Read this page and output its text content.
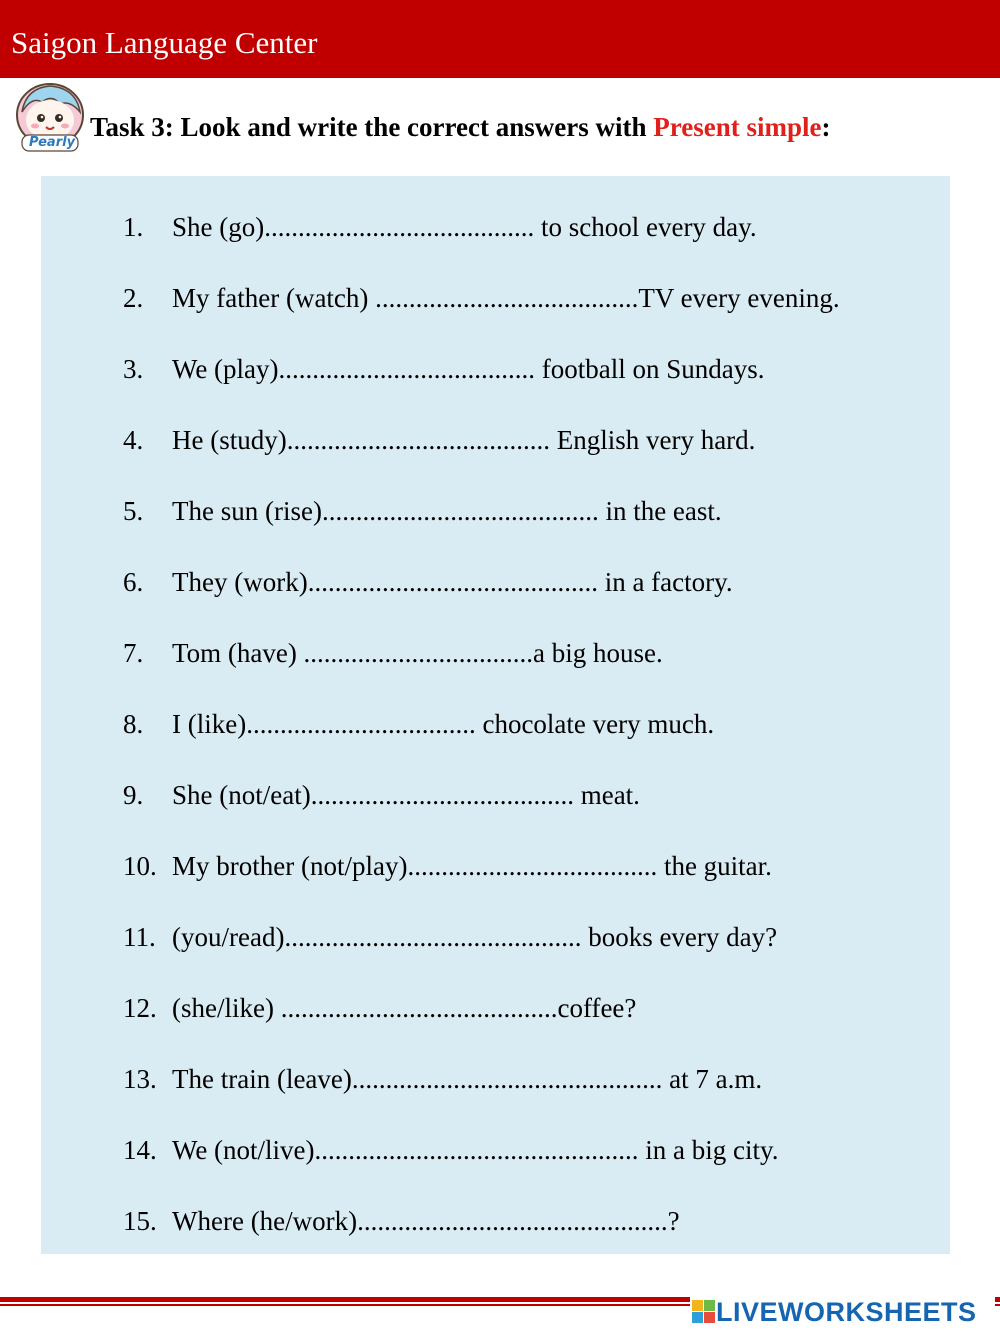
Saigon Language Center
Pearly
Task 3: Look and write the correct answers with Present simple:
1. She (go)........................................ to school every day.
2. My father (watch) .......................................TV every evening.
3. We (play)...................................... football on Sundays.
4. He (study)....................................... English very hard.
5. The sun (rise)......................................... in the east.
6. They (work)........................................... in a factory.
7. Tom (have) ..................................a big house.
8. I (like).................................. chocolate very much.
9. She (not/eat)....................................... meat.
10. My brother (not/play)..................................... the guitar.
11. (you/read)............................................ books every day?
12. (she/like) .........................................coffee?
13. The train (leave).............................................. at 7 a.m.
14. We (not/live)................................................ in a big city.
15. Where (he/work)..............................................?
LIVEWORKSHEETS
